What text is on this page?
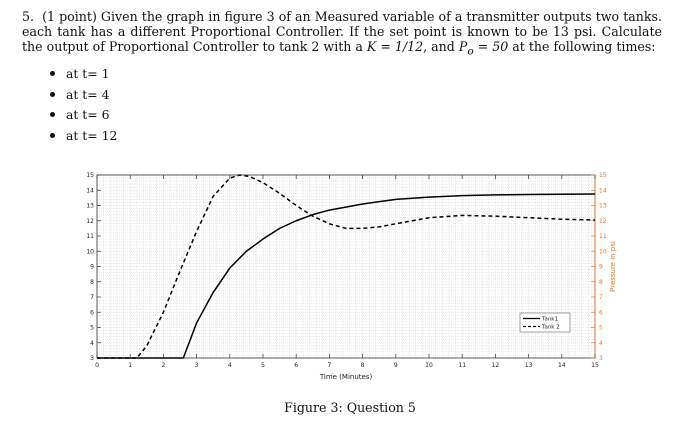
5. (1 point) Given the graph in figure 3 of an Measured variable of a transmitter outputs two tanks. each tank has a different Proportional Controller. If the set point is known to be 13 psi. Calculate the output of Proportional Controller to tank 2 with a K = 1/12, and $P_o = 50$ at the following times:
at t= 1
at t= 4
at t= 6
at t= 12
0	1	2	3	4	5	6	7	8	9	10	11	12	13	14	15
3	3
4	4
5	5
6	6
7	7
8	8
9	9
10	10
11	11
12	12
13	13
14	14
15	15
Time (Minutes)
Pressure in psi
Tank1
Tank 2
Figure 3: Question 5
